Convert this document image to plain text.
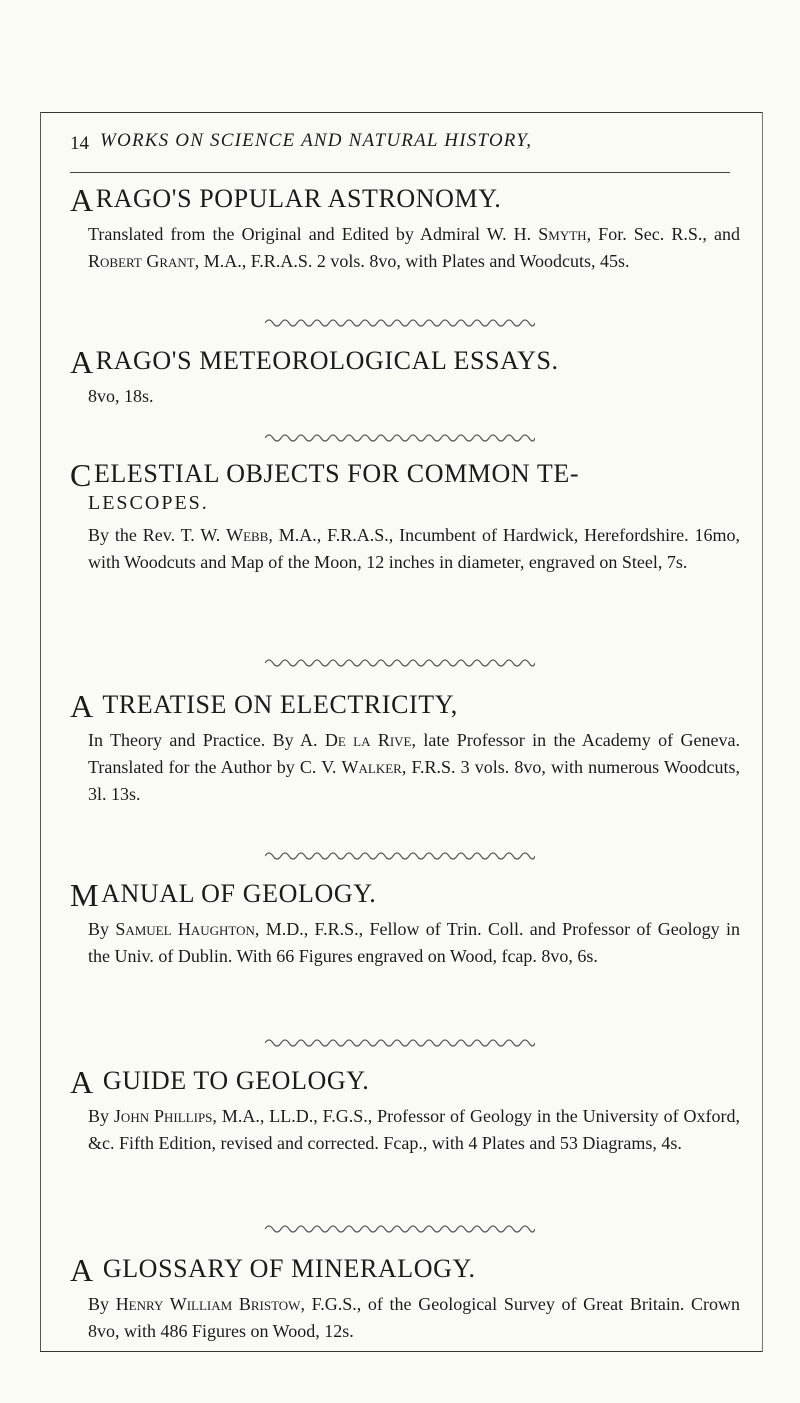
14 WORKS ON SCIENCE AND NATURAL HISTORY,
ARAGO'S POPULAR ASTRONOMY.
Translated from the Original and Edited by Admiral W. H. Smyth, For. Sec. R.S., and Robert Grant, M.A., F.R.A.S. 2 vols. 8vo, with Plates and Woodcuts, 45s.
ARAGO'S METEOROLOGICAL ESSAYS.
8vo, 18s.
CELESTIAL OBJECTS FOR COMMON TE-
LESCOPES.
By the Rev. T. W. Webb, M.A., F.R.A.S., Incumbent of Hardwick, Herefordshire. 16mo, with Woodcuts and Map of the Moon, 12 inches in diameter, engraved on Steel, 7s.
A TREATISE ON ELECTRICITY,
In Theory and Practice. By A. De la Rive, late Professor in the Academy of Geneva. Translated for the Author by C. V. Walker, F.R.S. 3 vols. 8vo, with numerous Woodcuts, 3l. 13s.
MANUAL OF GEOLOGY.
By Samuel Haughton, M.D., F.R.S., Fellow of Trin. Coll. and Professor of Geology in the Univ. of Dublin. With 66 Figures engraved on Wood, fcap. 8vo, 6s.
A GUIDE TO GEOLOGY.
By John Phillips, M.A., LL.D., F.G.S., Professor of Geology in the University of Oxford, &c. Fifth Edition, revised and corrected. Fcap., with 4 Plates and 53 Diagrams, 4s.
A GLOSSARY OF MINERALOGY.
By Henry William Bristow, F.G.S., of the Geological Survey of Great Britain. Crown 8vo, with 486 Figures on Wood, 12s.
